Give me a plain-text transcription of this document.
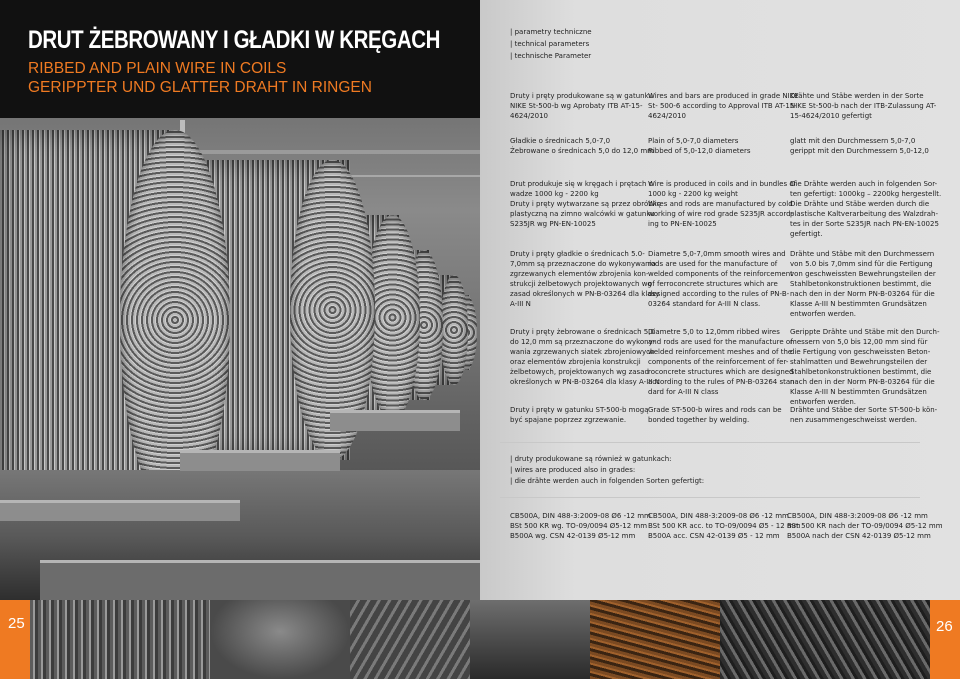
DRUT ŻEBROWANY I GŁADKI W KRĘGACH

RIBBED AND PLAIN WIRE IN COILS

GERIPPTER UND GLATTER DRAHT IN RINGEN

| parametry techniczne

| technical parameters

| technische Parameter

Druty i pręty produkowane są w gatunku

NIKE St-500-b wg Aprobaty ITB AT-15-

4624/2010

Wires and bars are produced in grade NIKE

St- 500-6 according to Approval ITB AT-15-

4624/2010

Drähte und Stäbe werden in der Sorte

NIKE St-500-b nach der ITB-Zulassung AT-

15-4624/2010 gefertigt

Gładkie o średnicach 5,0-7,0

Żebrowane o średnicach 5,0 do 12,0 mm

Plain of 5,0-7,0 diameters

Ribbed of 5,0-12,0 diameters

glatt mit den Durchmessern 5,0-7,0

gerippt mit den Durchmessern 5,0-12,0

Drut produkuje się w kręgach i prętach o

wadze 1000 kg - 2200 kg

Druty i pręty wytwarzane są przez obróbkę

plastyczną na zimno walcówki w gatunku

S235JR wg PN-EN-10025

Wire is produced in coils and in bundles of

1000 kg - 2200 kg weight

Wires and rods are manufactured by cold

working of wire rod grade S235JR accord-

ing to PN-EN-10025

Die Drähte werden auch in folgenden Sor-

ten gefertigt: 1000kg – 2200kg hergestellt.

Die Drähte und Stäbe werden durch die

plastische Kaltverarbeitung des Walzdrah-

tes in der Sorte S235JR nach PN-EN-10025

gefertigt.

Druty i pręty gładkie o średnicach 5.0-

7,0mm są przeznaczone do wykonywania

zgrzewanych elementów zbrojenia kon-

strukcji żelbetowych projektowanych wg

zasad określonych w PN-B-03264 dla klasy

A-III N

Diametre 5,0-7,0mm smooth wires and

rods are used for the manufacture of

welded components of the reinforcement

of ferroconcrete structures which are

designed according to the rules of PN-B-

03264 standard for A-III N class.

Drähte und Stäbe mit den Durchmessern

von 5.0 bis 7,0mm sind für die Fertigung

von geschweissten Bewehrungsteilen der

Stahlbetonkonstruktionen bestimmt, die

nach den in der Norm PN-B-03264 für die

Klasse A-III N bestimmten Grundsätzen

entworfen werden.

Druty i pręty żebrowane o średnicach 5,0

do 12,0 mm są przeznaczone do wykony-

wania zgrzewanych siatek zbrojeniowych

oraz elementów zbrojenia konstrukcji

żelbetowych, projektowanych wg zasad

określonych w PN-B-03264 dla klasy A-III N

Diametre 5,0 to 12,0mm ribbed wires

and rods are used for the manufacture of

welded reinforcement meshes and of the

components of the reinforcement of fer-

roconcrete structures which are designed

according to the rules of PN-B-03264 stan-

dard for A-III N class

Gerippte Drähte und Stäbe mit den Durch-

messern von 5,0 bis 12,00 mm sind für

die Fertigung von geschweissten Beton-

stahlmatten und Bewehrungsteilen der

Stahlbetonkonstruktionen bestimmt, die

nach den in der Norm PN-B-03264 für die

Klasse A-III N bestimmten Grundsätzen

entworfen werden.

Druty i pręty w gatunku ST-500-b mogą

być spajane poprzez zgrzewanie.

Grade ST-500-b wires and rods can be

bonded together by welding.

Drähte und Stäbe der Sorte ST-500-b kön-

nen zusammengeschweisst werden.

| druty produkowane są również w gatunkach:

| wires are produced also in grades:

| die drähte werden auch in folgenden Sorten gefertigt:

CB500A, DIN 488-3:2009-08 Ø6 -12 mm

BSt 500 KR wg. TO-09/0094 Ø5-12 mm

B500A wg. CSN 42-0139 Ø5-12 mm

CB500A, DIN 488-3:2009-08 Ø6 -12 mm

BSt 500 KR acc. to TO-09/0094 Ø5 - 12 mm

B500A acc. CSN 42-0139 Ø5 - 12 mm

CB500A, DIN 488-3:2009-08 Ø6 -12 mm

BSt 500 KR nach der TO-09/0094 Ø5-12 mm

B500A nach der CSN 42-0139 Ø5-12 mm

25	26
